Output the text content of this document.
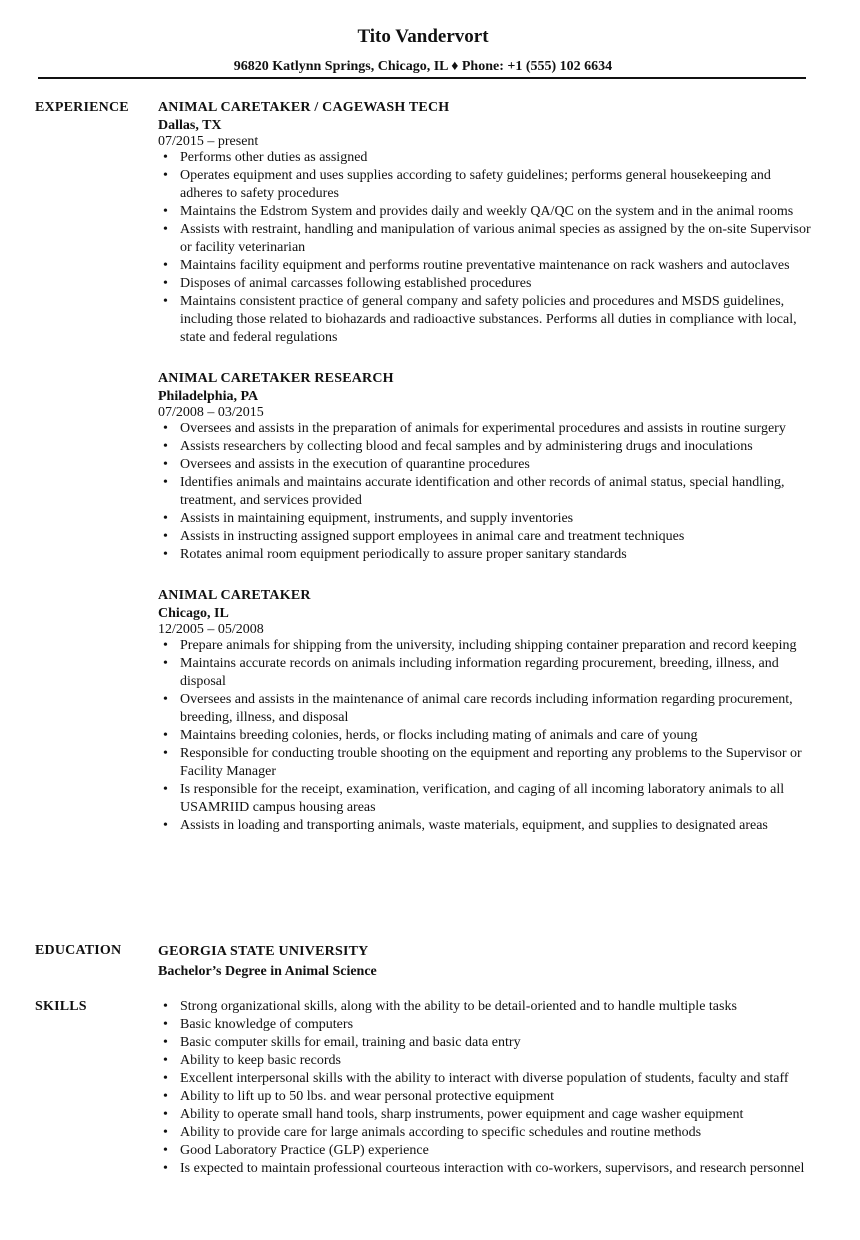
Tito Vandervort
96820 Katlynn Springs, Chicago, IL ♦ Phone: +1 (555) 102 6634
EXPERIENCE ANIMAL CARETAKER / CAGEWASH TECH
Dallas, TX
07/2015 – present
• Performs other duties as assigned
• Operates equipment and uses supplies according to safety guidelines; performs general housekeeping and adheres to safety procedures
• Maintains the Edstrom System and provides daily and weekly QA/QC on the system and in the animal rooms
• Assists with restraint, handling and manipulation of various animal species as assigned by the on-site Supervisor or facility veterinarian
• Maintains facility equipment and performs routine preventative maintenance on rack washers and autoclaves
• Disposes of animal carcasses following established procedures
• Maintains consistent practice of general company and safety policies and procedures and MSDS guidelines, including those related to biohazards and radioactive substances. Performs all duties in compliance with local, state and federal regulations
ANIMAL CARETAKER RESEARCH
Philadelphia, PA
07/2008 – 03/2015
• Oversees and assists in the preparation of animals for experimental procedures and assists in routine surgery
• Assists researchers by collecting blood and fecal samples and by administering drugs and inoculations
• Oversees and assists in the execution of quarantine procedures
• Identifies animals and maintains accurate identification and other records of animal status, special handling, treatment, and services provided
• Assists in maintaining equipment, instruments, and supply inventories
• Assists in instructing assigned support employees in animal care and treatment techniques
• Rotates animal room equipment periodically to assure proper sanitary standards
ANIMAL CARETAKER
Chicago, IL
12/2005 – 05/2008
• Prepare animals for shipping from the university, including shipping container preparation and record keeping
• Maintains accurate records on animals including information regarding procurement, breeding, illness, and disposal
• Oversees and assists in the maintenance of animal care records including information regarding procurement, breeding, illness, and disposal
• Maintains breeding colonies, herds, or flocks including mating of animals and care of young
• Responsible for conducting trouble shooting on the equipment and reporting any problems to the Supervisor or Facility Manager
• Is responsible for the receipt, examination, verification, and caging of all incoming laboratory animals to all USAMRIID campus housing areas
• Assists in loading and transporting animals, waste materials, equipment, and supplies to designated areas
EDUCATION	GEORGIA STATE UNIVERSITY
Bachelor’s Degree in Animal Science
SKILLS
•	Strong organizational skills, along with the ability to be detail-oriented and to handle multiple tasks
• Basic knowledge of computers
• Basic computer skills for email, training and basic data entry
• Ability to keep basic records
• Excellent interpersonal skills with the ability to interact with diverse population of students, faculty and staff
• Ability to lift up to 50 lbs. and wear personal protective equipment
• Ability to operate small hand tools, sharp instruments, power equipment and cage washer equipment
• Ability to provide care for large animals according to specific schedules and routine methods
• Good Laboratory Practice (GLP) experience
• Is expected to maintain professional courteous interaction with co-workers, supervisors, and research personnel
